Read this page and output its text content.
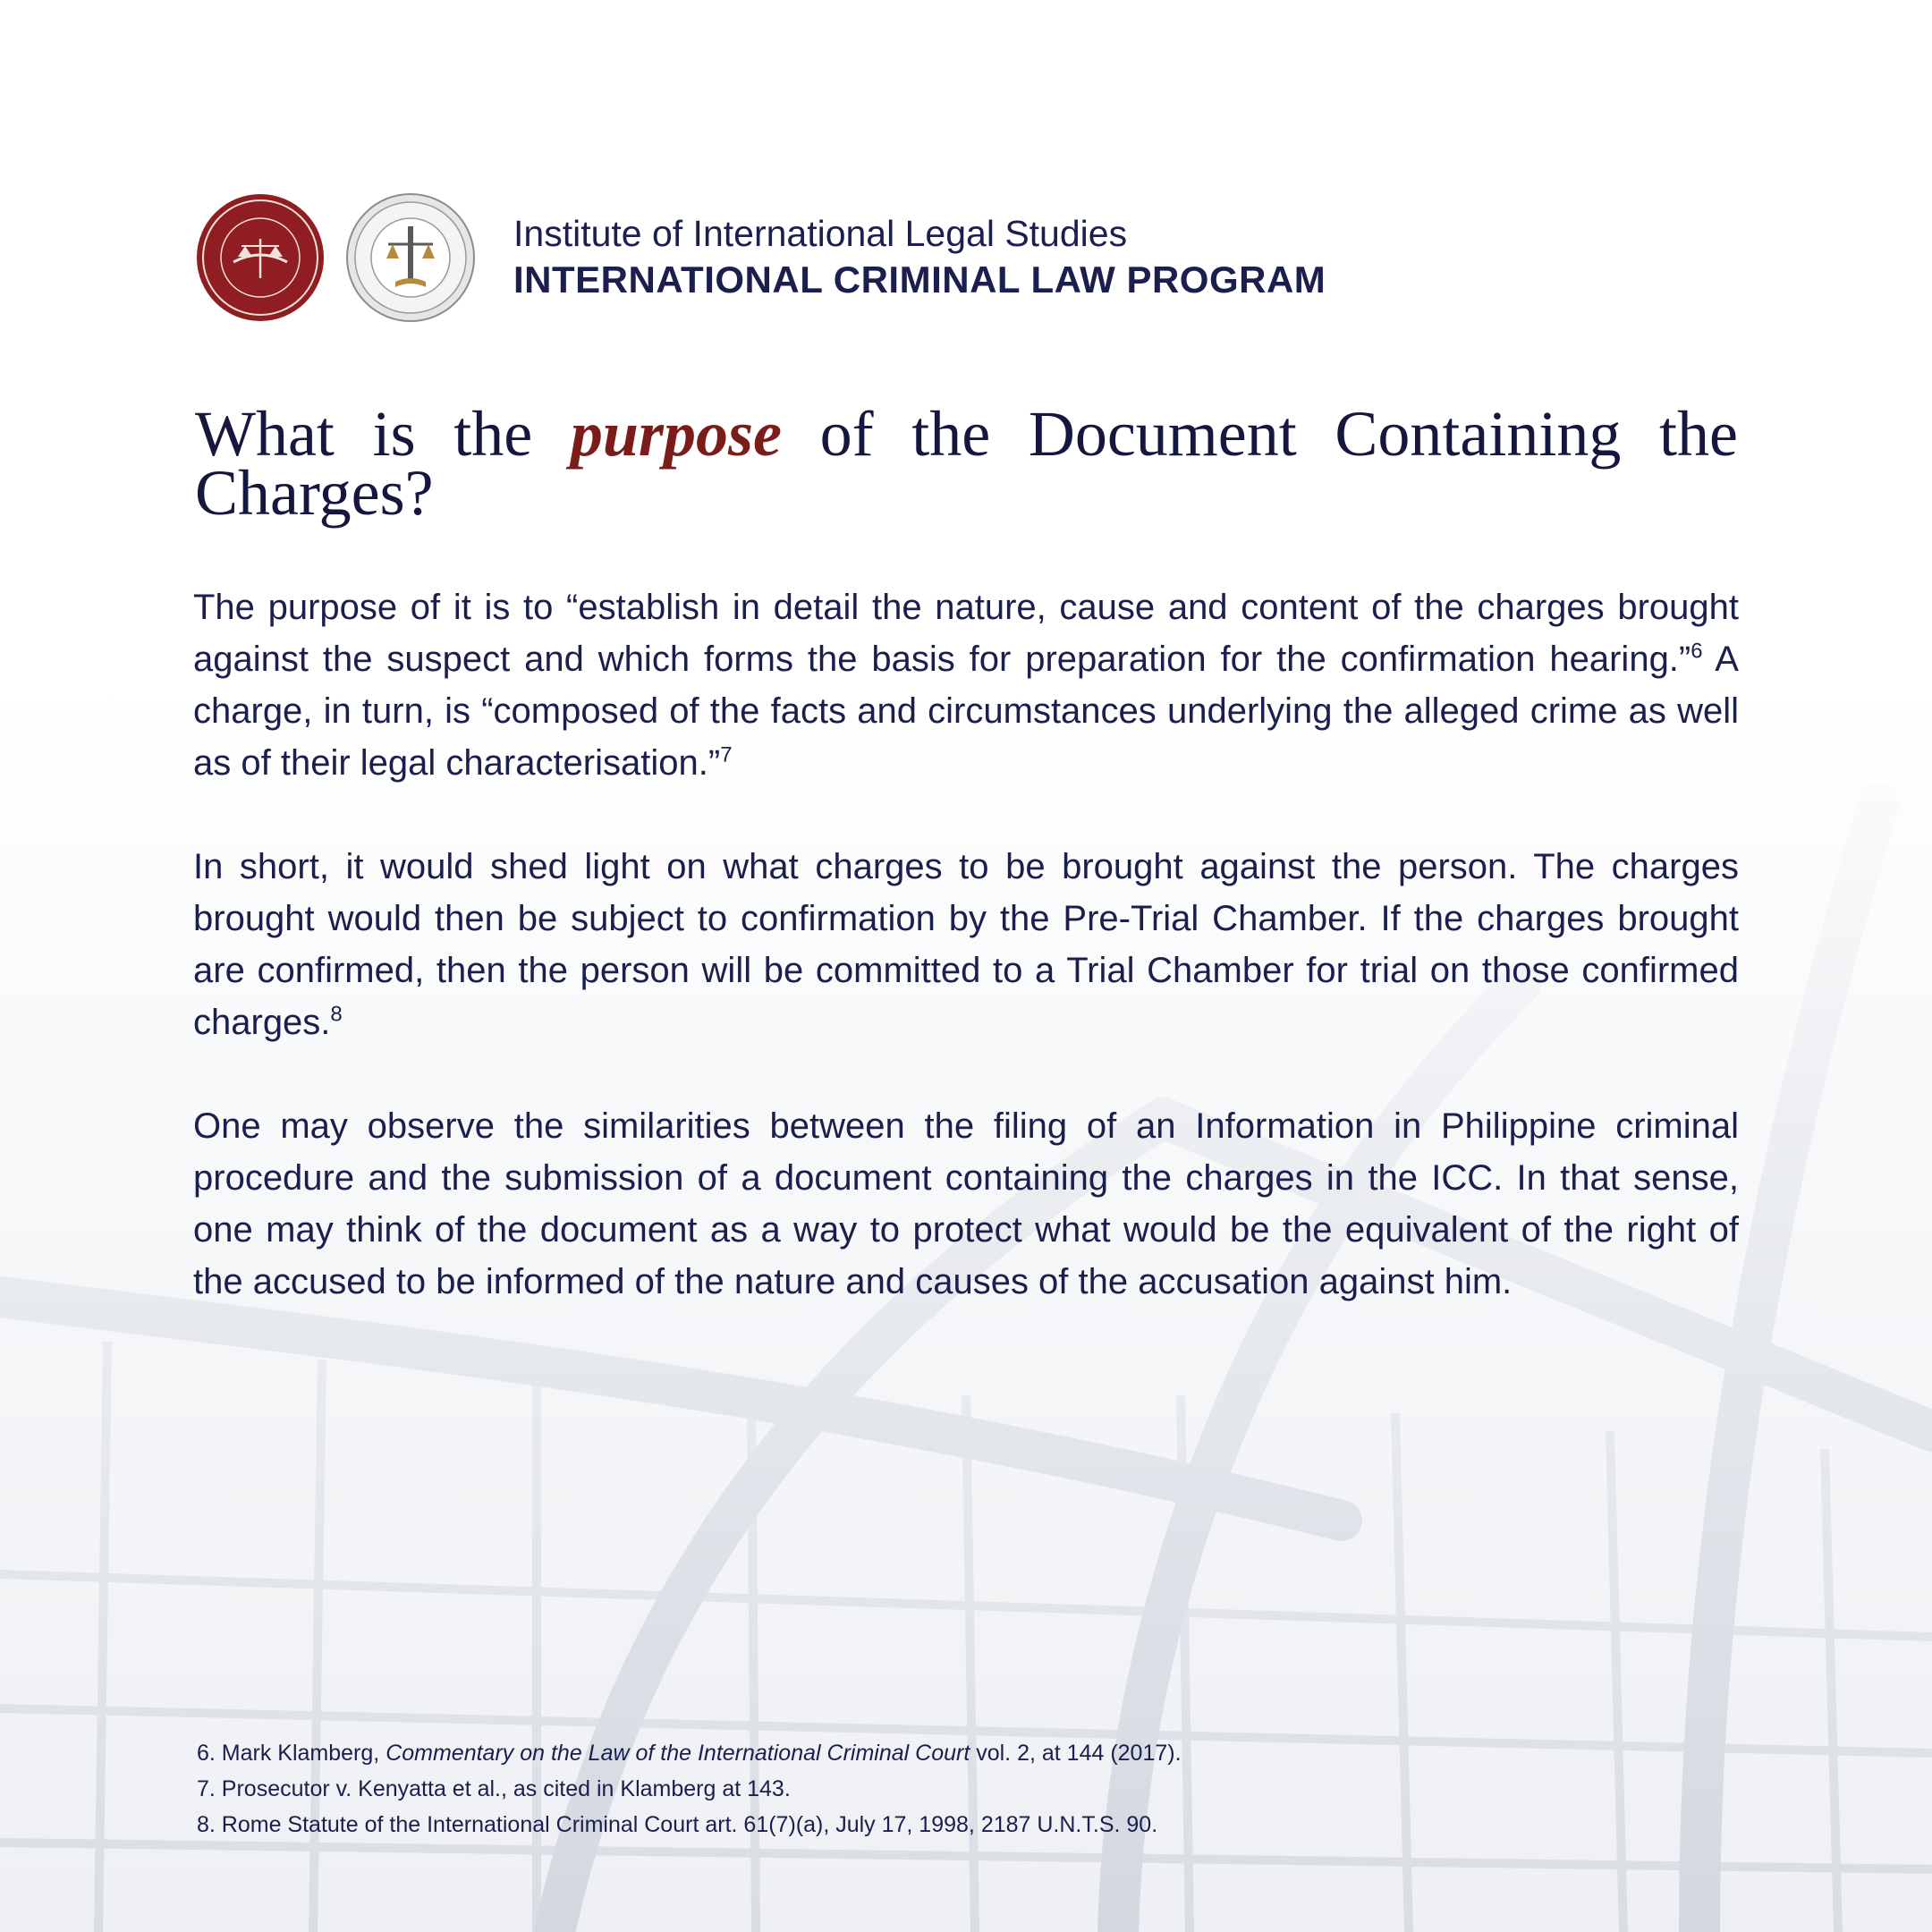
Institute of International Legal Studies
INTERNATIONAL CRIMINAL LAW PROGRAM
What is the purpose of the Document Containing the Charges?

The purpose of it is to “establish in detail the nature, cause and content of the charges brought against the suspect and which forms the basis for preparation for the confirmation hearing.”$^6$ A charge, in turn, is “composed of the facts and circumstances underlying the alleged crime as well as of their legal characterisation.”$^7$

In short, it would shed light on what charges to be brought against the person. The charges brought would then be subject to confirmation by the Pre-Trial Chamber. If the charges brought are confirmed, then the person will be committed to a Trial Chamber for trial on those confirmed charges.$^8$

One may observe the similarities between the filing of an Information in Philippine criminal procedure and the submission of a document containing the charges in the ICC. In that sense, one may think of the document as a way to protect what would be the equivalent of the right of the accused to be informed of the nature and causes of the accusation against him.

6. Mark Klamberg, Commentary on the Law of the International Criminal Court vol. 2, at 144 (2017).

7. Prosecutor v. Kenyatta et al., as cited in Klamberg at 143.

8. Rome Statute of the International Criminal Court art. 61(7)(a), July 17, 1998, 2187 U.N.T.S. 90.
